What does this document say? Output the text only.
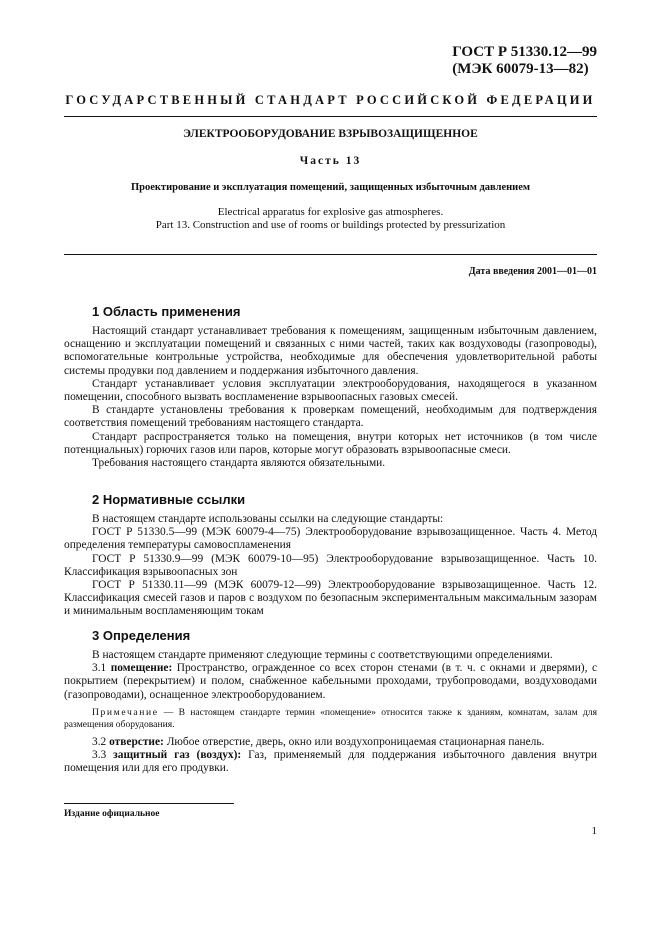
ГОСТ Р 51330.12—99
(МЭК 60079-13—82)
ГОСУДАРСТВЕННЫЙ СТАНДАРТ РОССИЙСКОЙ ФЕДЕРАЦИИ
ЭЛЕКТРООБОРУДОВАНИЕ ВЗРЫВОЗАЩИЩЕННОЕ
Часть 13
Проектирование и эксплуатация помещений, защищенных избыточным давлением
Electrical apparatus for explosive gas atmospheres.
Part 13. Construction and use of rooms or buildings protected by pressurization
Дата введения 2001—01—01
1 Область применения

Настоящий стандарт устанавливает требования к помещениям, защищенным избыточным давлением, оснащению и эксплуатации помещений и связанных с ними частей, таких как воздуховоды (газопроводы), вспомогательные контрольные устройства, необходимые для обеспечения удовлетворительной работы системы продувки под давлением и поддержания избыточного давления.

Стандарт устанавливает условия эксплуатации электрооборудования, находящегося в указанном помещении, способного вызвать воспламенение взрывоопасных газовых смесей.

В стандарте установлены требования к проверкам помещений, необходимым для подтверждения соответствия помещений требованиям настоящего стандарта.

Стандарт распространяется только на помещения, внутри которых нет источников (в том числе потенциальных) горючих газов или паров, которые могут образовать взрывоопасные смеси.

Требования настоящего стандарта являются обязательными.

2 Нормативные ссылки

В настоящем стандарте использованы ссылки на следующие стандарты:

ГОСТ Р 51330.5—99 (МЭК 60079-4—75) Электрооборудование взрывозащищенное. Часть 4. Метод определения температуры самовоспламенения

ГОСТ Р 51330.9—99 (МЭК 60079-10—95) Электрооборудование взрывозащищенное. Часть 10. Классификация взрывоопасных зон

ГОСТ Р 51330.11—99 (МЭК 60079-12—99) Электрооборудование взрывозащищенное. Часть 12. Классификация смесей газов и паров с воздухом по безопасным экспериментальным максимальным зазорам и минимальным воспламеняющим токам

3 Определения

В настоящем стандарте применяют следующие термины с соответствующими определениями.

3.1 помещение: Пространство, огражденное со всех сторон стенами (в т. ч. с окнами и дверями), с покрытием (перекрытием) и полом, снабженное кабельными проходами, трубопроводами, воздуховодами (газопроводами), оснащенное электрооборудованием.

Примечание — В настоящем стандарте термин «помещение» относится также к зданиям, комнатам, залам для размещения оборудования.

3.2 отверстие: Любое отверстие, дверь, окно или воздухопроницаемая стационарная панель.

3.3 защитный газ (воздух): Газ, применяемый для поддержания избыточного давления внутри помещения или для его продувки.

Издание официальное
1
